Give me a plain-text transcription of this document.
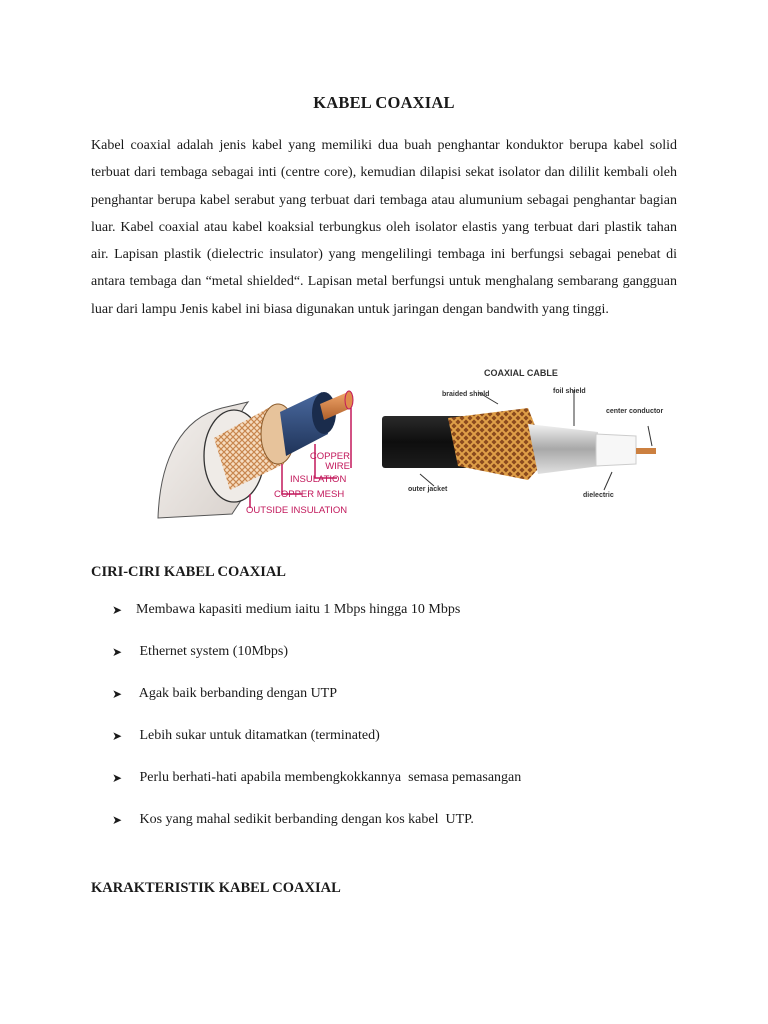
KABEL COAXIAL
Kabel coaxial adalah jenis kabel yang memiliki dua buah penghantar konduktor berupa kabel solid terbuat dari tembaga sebagai inti (centre core), kemudian dilapisi sekat isolator dan dililit kembali oleh penghantar berupa kabel serabut yang terbuat dari tembaga atau alumunium sebagai penghantar bagian luar. Kabel coaxial atau kabel koaksial terbungkus oleh isolator elastis yang terbuat dari plastik tahan air. Lapisan plastik (dielectric insulator) yang mengelilingi tembaga ini berfungsi sebagai penebat di antara tembaga dan “metal shielded“. Lapisan metal berfungsi untuk menghalang sembarang gangguan luar dari lampu Jenis kabel ini biasa digunakan untuk jaringan dengan bandwith yang tinggi.
COPPER
WIRE
INSULATION
COPPER MESH
OUTSIDE INSULATION
COAXIAL CABLE
braided shield	foil shield
center conductor
outer jacket
dielectric
CIRI-CIRI KABEL COAXIAL
➤ Membawa kapasiti medium iaitu 1 Mbps hingga 10 Mbps
➤ Ethernet system (10Mbps)
➤ Agak baik berbanding dengan UTP
➤ Lebih sukar untuk ditamatkan (terminated)
➤ Perlu berhati-hati apabila membengkokkannya  semasa pemasangan
➤ Kos yang mahal sedikit berbanding dengan kos kabel  UTP.
KARAKTERISTIK KABEL COAXIAL
